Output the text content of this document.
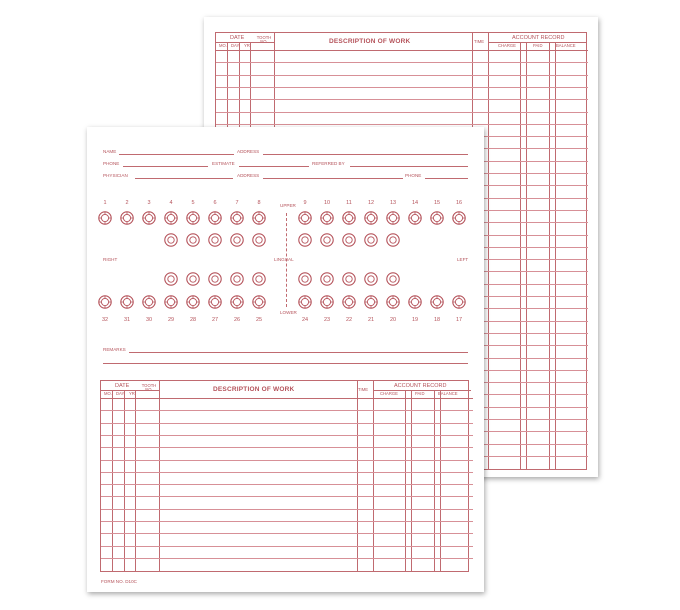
DATE
MO. DAY YR.
TOOTH NO.	DESCRIPTION OF WORK	TIME
ACCOUNT RECORD
CHARGE	PAID	BALANCE
NAME	ADDRESS
PHONE	ESTIMATE	REFERRED BY
PHYSICIAN	ADDRESS	PHONE
UPPER
LOWER
LINGUAL
RIGHT	LEFT
1
32
2
31
3
30
4
29
5
28
6
27
7
26
8
25
9
24
10
23
11
22
12
21
13
20
14
19
15
18
16
17
REMARKS
DATE
MO. DAY YR.
TOOTH NO.	DESCRIPTION OF WORK	TIME
ACCOUNT RECORD
CHARGE	PAID	BALANCE
FORM NO. D10C
